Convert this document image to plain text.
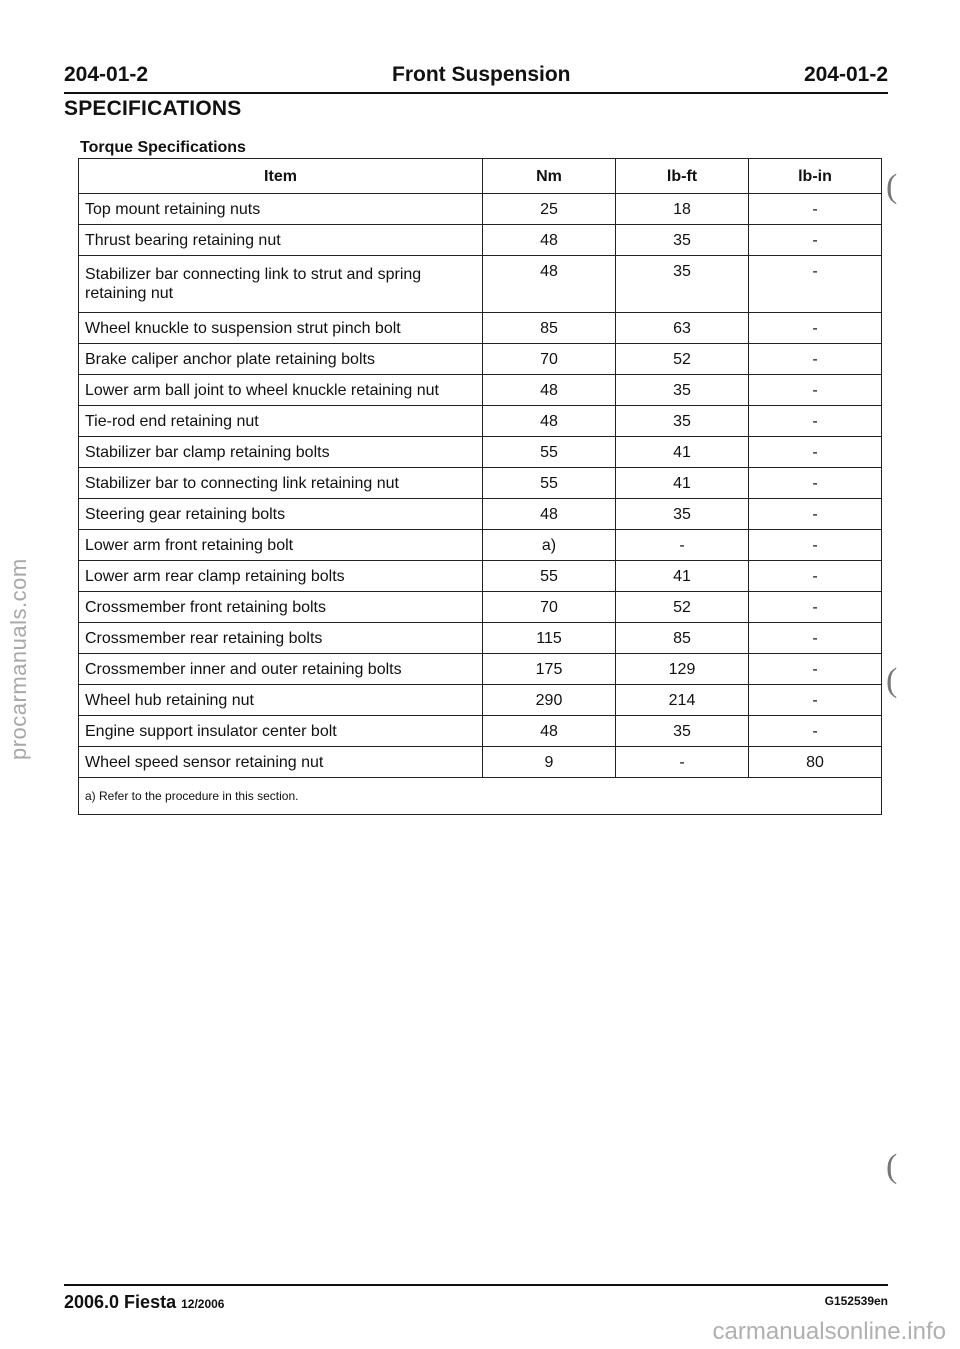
204-01-2	Front Suspension	204-01-2
SPECIFICATIONS
Torque Specifications
Item	Nm	lb-ft	lb-in
Top mount retaining nuts	25	18	-
Thrust bearing retaining nut	48	35	-
Stabilizer bar connecting link to strut and spring retaining nut	48	35	-
Wheel knuckle to suspension strut pinch bolt	85	63	-
Brake caliper anchor plate retaining bolts	70	52	-
Lower arm ball joint to wheel knuckle retaining nut	48	35	-
Tie-rod end retaining nut	48	35	-
Stabilizer bar clamp retaining bolts	55	41	-
Stabilizer bar to connecting link retaining nut	55	41	-
Steering gear retaining bolts	48	35	-
Lower arm front retaining bolt	a)	-	-
Lower arm rear clamp retaining bolts	55	41	-
Crossmember front retaining bolts	70	52	-
Crossmember rear retaining bolts	115	85	-
Crossmember inner and outer retaining bolts	175	129	-
Wheel hub retaining nut	290	214	-
Engine support insulator center bolt	48	35	-
Wheel speed sensor retaining nut	9	-	80
a) Refer to the procedure in this section.			
(
(
(
procarmanuals.com
2006.0 Fiesta 12/2006	G152539en
carmanualsonline.info
